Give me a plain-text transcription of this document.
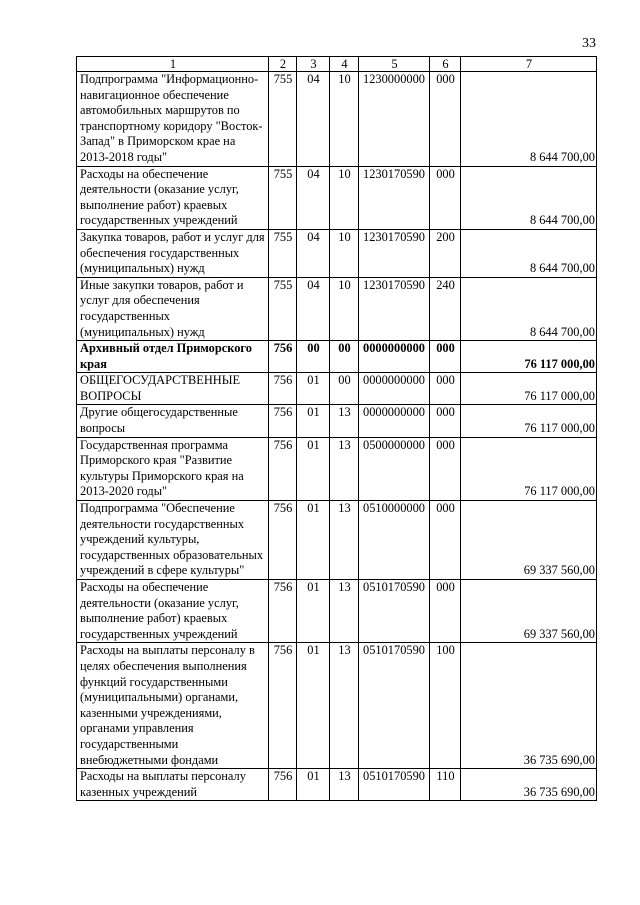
33
1	2	3	4	5	6	7
Подпрограмма "Информационно-навигационное обеспечение автомобильных маршрутов по транспортному коридору "Восток-Запад" в Приморском крае на 2013-2018 годы"	755	04	10	1230000000	000	8 644 700,00
Расходы на обеспечение деятельности (оказание услуг, выполнение работ) краевых государственных учреждений	755	04	10	1230170590	000	8 644 700,00
Закупка товаров, работ и услуг для обеспечения государственных (муниципальных) нужд	755	04	10	1230170590	200	8 644 700,00
Иные закупки товаров, работ и услуг для обеспечения государственных (муниципальных) нужд	755	04	10	1230170590	240	8 644 700,00
Архивный отдел Приморского края	756	00	00	0000000000	000	76 117 000,00
ОБЩЕГОСУДАРСТВЕННЫЕ ВОПРОСЫ	756	01	00	0000000000	000	76 117 000,00
Другие общегосударственные вопросы	756	01	13	0000000000	000	76 117 000,00
Государственная программа Приморского края "Развитие культуры Приморского края на 2013-2020 годы"	756	01	13	0500000000	000	76 117 000,00
Подпрограмма "Обеспечение деятельности государственных учреждений культуры, государственных образовательных учреждений в сфере культуры"	756	01	13	0510000000	000	69 337 560,00
Расходы на обеспечение деятельности (оказание услуг, выполнение работ) краевых государственных учреждений	756	01	13	0510170590	000	69 337 560,00
Расходы на выплаты персоналу в целях обеспечения выполнения функций государственными (муниципальными) органами, казенными учреждениями, органами управления государственными внебюджетными фондами	756	01	13	0510170590	100	36 735 690,00
Расходы на выплаты персоналу казенных учреждений	756	01	13	0510170590	110	36 735 690,00
